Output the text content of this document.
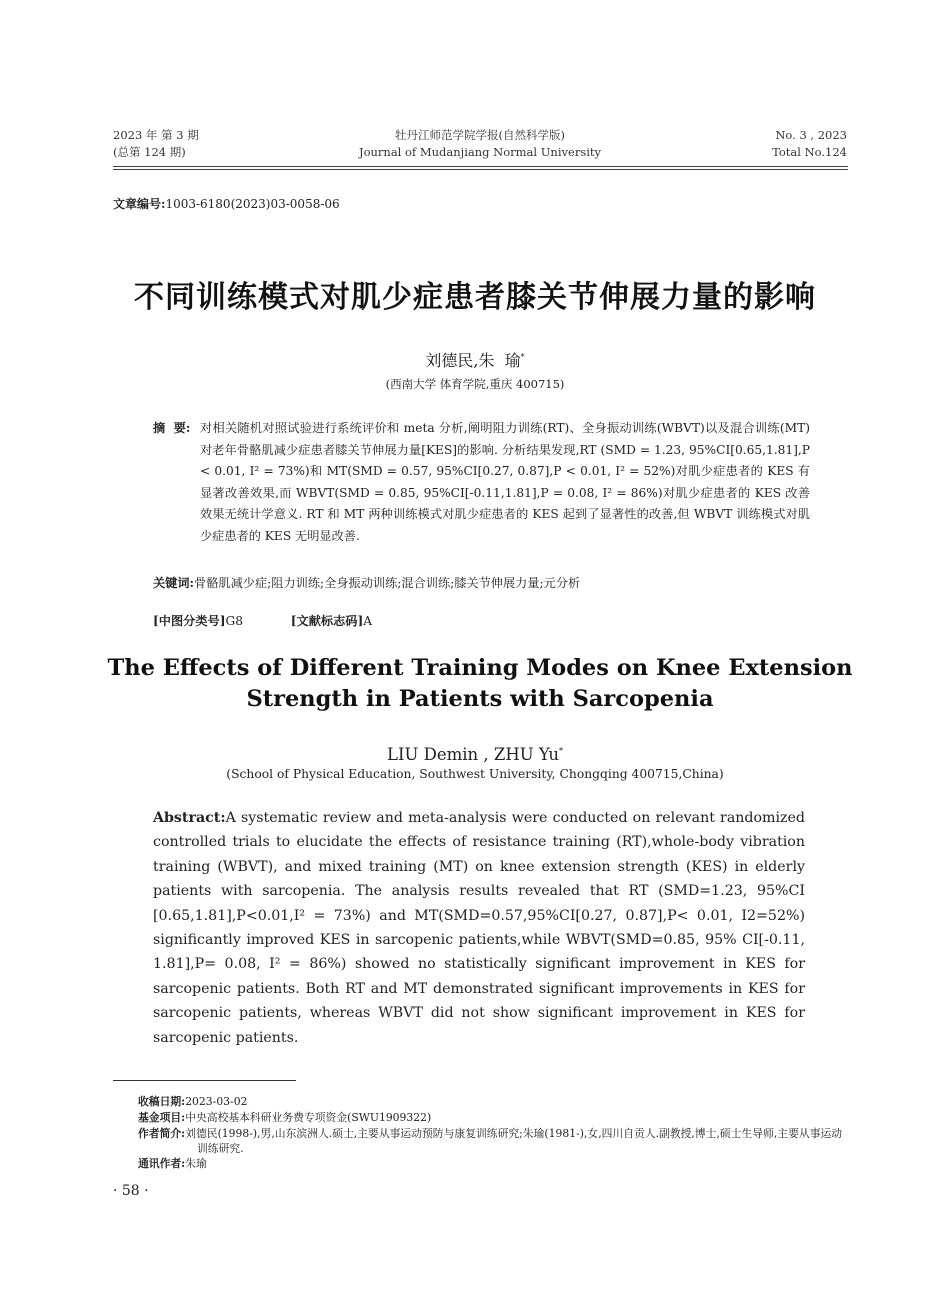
2023 年 第 3 期
(总第 124 期)
牡丹江师范学院学报(自然科学版)
Journal of Mudanjiang Normal University
No. 3 , 2023
Total No.124
文章编号:1003-6180(2023)03-0058-06
不同训练模式对肌少症患者膝关节伸展力量的影响
刘德民,朱  瑜*
(西南大学 体育学院,重庆 400715)
摘  要: 对相关随机对照试验进行系统评价和 meta 分析,阐明阻力训练(RT)、全身振动训练(WBVT)以及混合训练(MT)对老年骨骼肌减少症患者膝关节伸展力量[KES]的影响. 分析结果发现,RT (SMD = 1.23, 95%CI[0.65,1.81],P < 0.01, I² = 73%)和 MT(SMD = 0.57, 95%CI[0.27, 0.87],P < 0.01, I² = 52%)对肌少症患者的 KES 有显著改善效果,而 WBVT(SMD = 0.85, 95%CI[-0.11,1.81],P = 0.08, I² = 86%)对肌少症患者的 KES 改善效果无统计学意义. RT 和 MT 两种训练模式对肌少症患者的 KES 起到了显著性的改善,但 WBVT 训练模式对肌少症患者的 KES 无明显改善.
关键词:骨骼肌减少症;阻力训练;全身振动训练;混合训练;膝关节伸展力量;元分析
[中图分类号]G8	[文献标志码]A
The Effects of Different Training Modes on Knee Extension
Strength in Patients with Sarcopenia
LIU Demin , ZHU Yu*
(School of Physical Education, Southwest University, Chongqing 400715,China)
Abstract:A systematic review and meta-analysis were conducted on relevant randomized controlled trials to elucidate the effects of resistance training (RT),whole-body vibration training (WBVT), and mixed training (MT) on knee extension strength (KES) in elderly patients with sarcopenia. The analysis results revealed that RT (SMD=1.23, 95%CI [0.65,1.81],P<0.01,I² = 73%) and MT(SMD=0.57,95%CI[0.27, 0.87],P< 0.01, I2=52%) significantly improved KES in sarcopenic patients,while WBVT(SMD=0.85, 95% CI[-0.11, 1.81],P= 0.08, I² = 86%) showed no statistically significant improvement in KES for sarcopenic patients. Both RT and MT demonstrated significant improvements in KES for sarcopenic patients, whereas WBVT did not show significant improvement in KES for sarcopenic patients.
收稿日期:2023-03-02
基金项目:中央高校基本科研业务费专项资金(SWU1909322)
作者简介:刘德民(1998-),男,山东滨洲人.硕士,主要从事运动预防与康复训练研究;朱瑜(1981-),女,四川自贡人.副教授,博士,硕士生导师,主要从事运动训练研究.
通讯作者:朱瑜
· 58 ·
